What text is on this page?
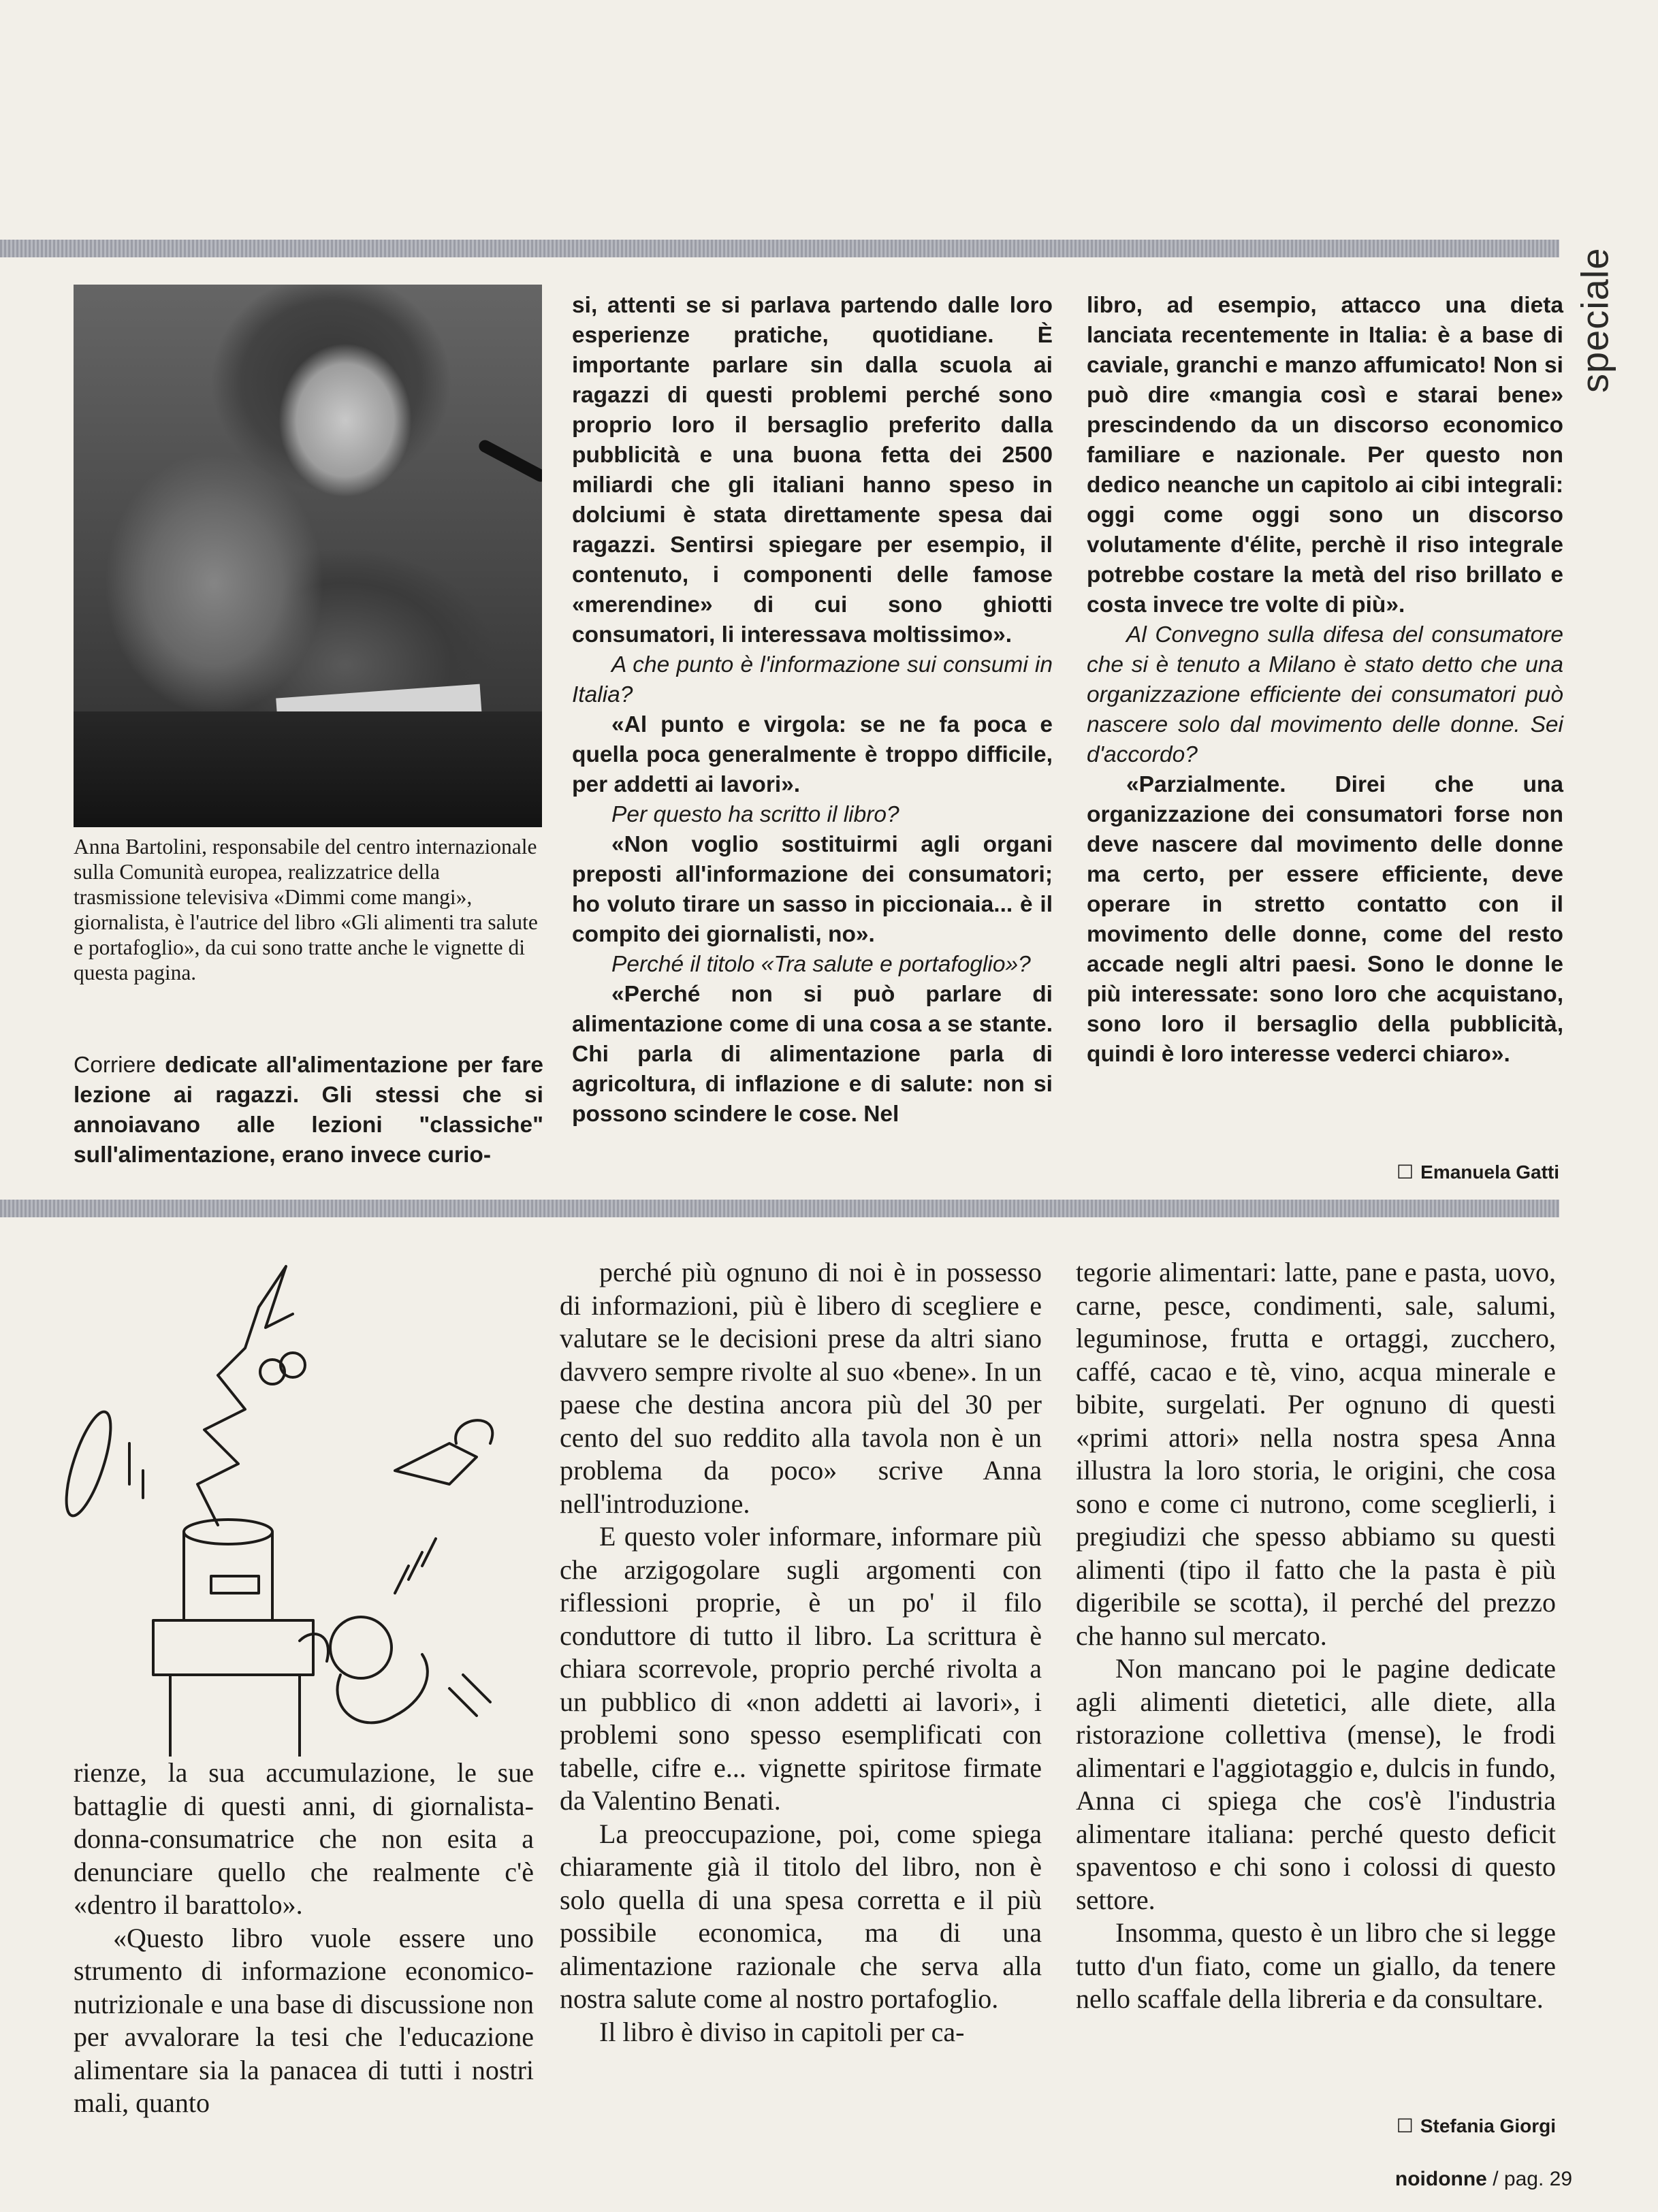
speciale
Anna Bartolini, responsabile del centro internazionale sulla Comunità europea, realizzatrice della trasmissione televisiva «Dimmi come mangi», giornalista, è l'autrice del libro «Gli alimenti tra salute e portafoglio», da cui sono tratte anche le vignette di questa pagina.

Corriere dedicate all'alimentazione per fare lezione ai ragazzi. Gli stessi che si annoiavano alle lezioni "classiche" sull'alimentazione, erano invece curio-

si, attenti se si parlava partendo dalle loro esperienze pratiche, quotidiane. È importante parlare sin dalla scuola ai ragazzi di questi problemi perché sono proprio loro il bersaglio preferito dalla pubblicità e una buona fetta dei 2500 miliardi che gli italiani hanno speso in dolciumi è stata direttamente spesa dai ragazzi. Sentirsi spiegare per esempio, il contenuto, i componenti delle famose «merendine» di cui sono ghiotti consumatori, li interessava moltissimo».

A che punto è l'informazione sui consumi in Italia?

«Al punto e virgola: se ne fa poca e quella poca generalmente è troppo difficile, per addetti ai lavori».

Per questo ha scritto il libro?

«Non voglio sostituirmi agli organi preposti all'informazione dei consumatori; ho voluto tirare un sasso in piccionaia... è il compito dei giornalisti, no».

Perché il titolo «Tra salute e portafoglio»?

«Perché non si può parlare di alimentazione come di una cosa a se stante. Chi parla di alimentazione parla di agricoltura, di inflazione e di salute: non si possono scindere le cose. Nel

libro, ad esempio, attacco una dieta lanciata recentemente in Italia: è a base di caviale, granchi e manzo affumicato! Non si può dire «mangia così e starai bene» prescindendo da un discorso economico familiare e nazionale. Per questo non dedico neanche un capitolo ai cibi integrali: oggi come oggi sono un discorso volutamente d'élite, perchè il riso integrale potrebbe costare la metà del riso brillato e costa invece tre volte di più».

Al Convegno sulla difesa del consumatore che si è tenuto a Milano è stato detto che una organizzazione efficiente dei consumatori può nascere solo dal movimento delle donne. Sei d'accordo?

«Parzialmente. Direi che una organizzazione dei consumatori forse non deve nascere dal movimento delle donne ma certo, per essere efficiente, deve operare in stretto contatto con il movimento delle donne, come del resto accade negli altri paesi. Sono le donne le più interessate: sono loro che acquistano, sono loro il bersaglio della pubblicità, quindi è loro interesse vederci chiaro».

☐ Emanuela Gatti

rienze, la sua accumulazione, le sue battaglie di questi anni, di giornalista-donna-consumatrice che non esita a denunciare quello che realmente c'è «dentro il barattolo».

«Questo libro vuole essere uno strumento di informazione economico-nutrizionale e una base di discussione non per avvalorare la tesi che l'educazione alimentare sia la panacea di tutti i nostri mali, quanto

perché più ognuno di noi è in possesso di informazioni, più è libero di scegliere e valutare se le decisioni prese da altri siano davvero sempre rivolte al suo «bene». In un paese che destina ancora più del 30 per cento del suo reddito alla tavola non è un problema da poco» scrive Anna nell'introduzione.

E questo voler informare, informare più che arzigogolare sugli argomenti con riflessioni proprie, è un po' il filo conduttore di tutto il libro. La scrittura è chiara scorrevole, proprio perché rivolta a un pubblico di «non addetti ai lavori», i problemi sono spesso esemplificati con tabelle, cifre e... vignette spiritose firmate da Valentino Benati.

La preoccupazione, poi, come spiega chiaramente già il titolo del libro, non è solo quella di una spesa corretta e il più possibile economica, ma di una alimentazione razionale che serva alla nostra salute come al nostro portafoglio.

Il libro è diviso in capitoli per ca-

tegorie alimentari: latte, pane e pasta, uovo, carne, pesce, condimenti, sale, salumi, leguminose, frutta e ortaggi, zucchero, caffé, cacao e tè, vino, acqua minerale e bibite, surgelati. Per ognuno di questi «primi attori» nella nostra spesa Anna illustra la loro storia, le origini, che cosa sono e come ci nutrono, come sceglierli, i pregiudizi che spesso abbiamo su questi alimenti (tipo il fatto che la pasta è più digeribile se scotta), il perché del prezzo che hanno sul mercato.

Non mancano poi le pagine dedicate agli alimenti dietetici, alle diete, alla ristorazione collettiva (mense), le frodi alimentari e l'aggiotaggio e, dulcis in fundo, Anna ci spiega che cos'è l'industria alimentare italiana: perché questo deficit spaventoso e chi sono i colossi di questo settore.

Insomma, questo è un libro che si legge tutto d'un fiato, come un giallo, da tenere nello scaffale della libreria e da consultare.

☐ Stefania Giorgi
noidonne / pag. 29
